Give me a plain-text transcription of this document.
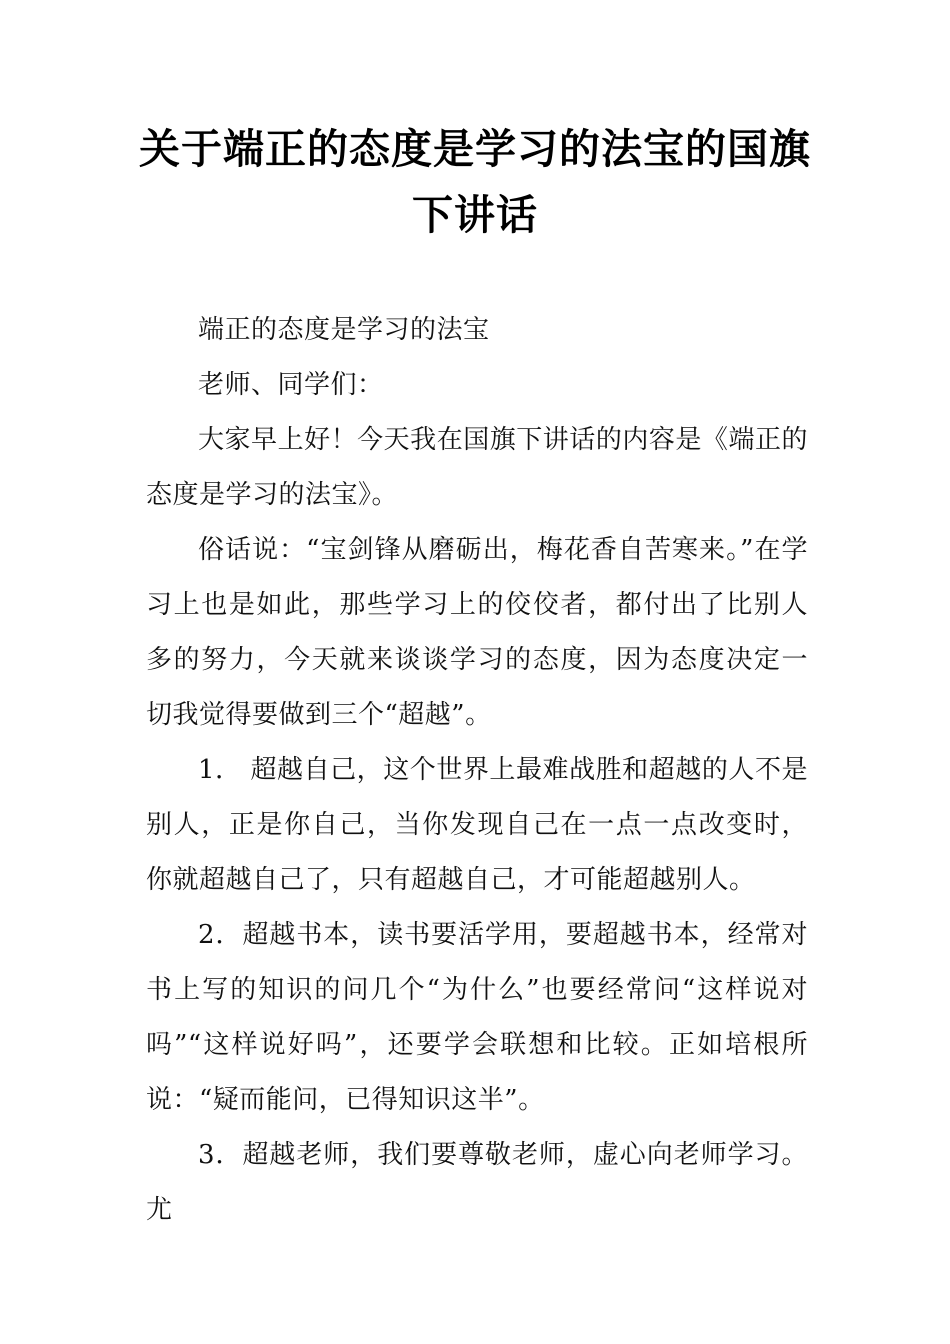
关于端正的态度是学习的法宝的国旗下讲话

端正的态度是学习的法宝

老师、同学们：

大家早上好！今天我在国旗下讲话的内容是《端正的态度是学习的法宝》。

俗话说：“宝剑锋从磨砺出，梅花香自苦寒来。”在学习上也是如此，那些学习上的佼佼者，都付出了比别人多的努力，今天就来谈谈学习的态度，因为态度决定一切我觉得要做到三个“超越”。

1． 超越自己，这个世界上最难战胜和超越的人不是别人，正是你自己，当你发现自己在一点一点改变时，你就超越自己了，只有超越自己，才可能超越别人。

2．超越书本，读书要活学用，要超越书本，经常对书上写的知识的问几个“为什么”也要经常问“这样说对吗”“这样说好吗”，还要学会联想和比较。正如培根所说：“疑而能问，已得知识这半”。

3．超越老师，我们要尊敬老师，虚心向老师学习。尤
